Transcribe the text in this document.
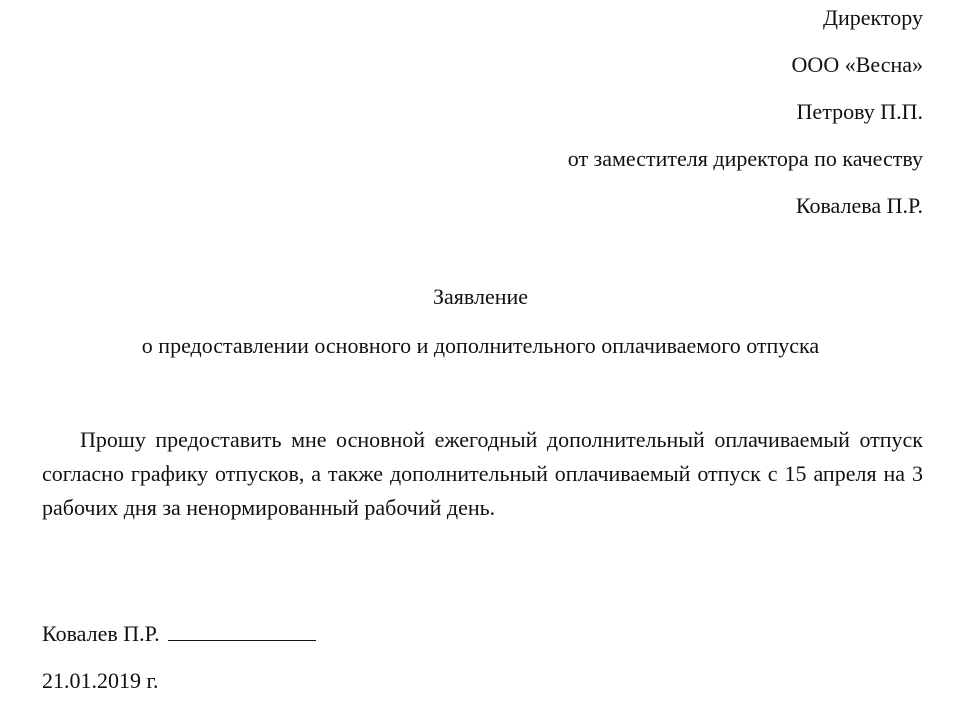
Директору
ООО «Весна»
Петрову П.П.
от заместителя директора по качеству
Ковалева П.Р.
Заявление
о предоставлении основного и дополнительного оплачиваемого отпуска

Прошу предоставить мне основной ежегодный дополнительный оплачиваемый отпуск согласно графику отпусков, а также дополнительный оплачиваемый отпуск с 15 апреля на 3 рабочих дня за ненормированный рабочий день.

Ковалев П.Р.
21.01.2019 г.
